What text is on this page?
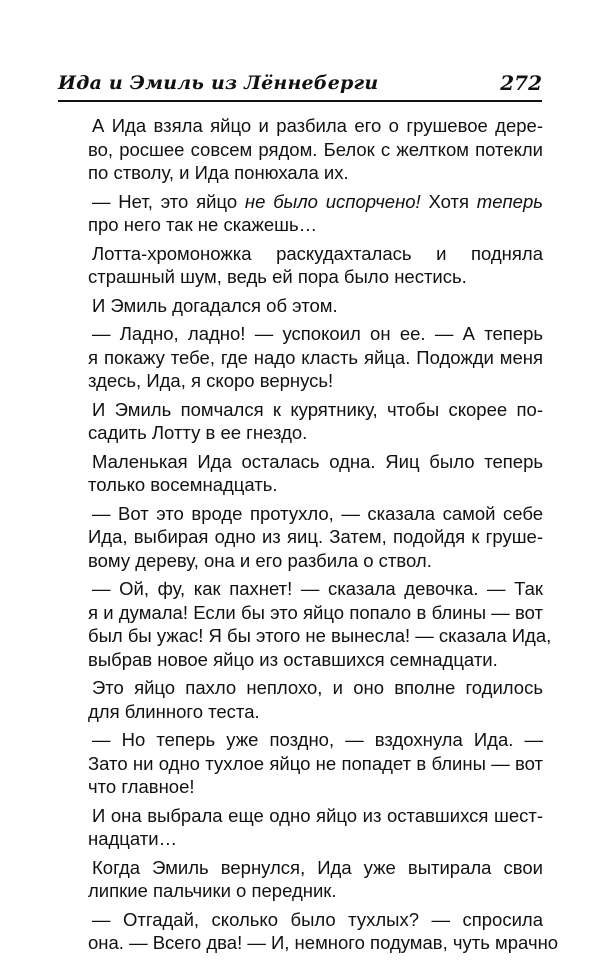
Ида и Эмиль из Лённеберги	272
А Ида взяла яйцо и разбила его о грушевое дере-
во, росшее совсем рядом. Белок с желтком потекли
по стволу, и Ида понюхала их.
— Нет, это яйцо не было испорчено! Хотя теперь
про него так не скажешь…
Лотта-хромоножка раскудахталась и подняла
страшный шум, ведь ей пора было нестись.
И Эмиль догадался об этом.
— Ладно, ладно! — успокоил он ее. — А теперь
я покажу тебе, где надо класть яйца. Подожди меня
здесь, Ида, я скоро вернусь!
И Эмиль помчался к курятнику, чтобы скорее по-
садить Лотту в ее гнездо.
Маленькая Ида осталась одна. Яиц было теперь
только восемнадцать.
— Вот это вроде протухло, — сказала самой себе
Ида, выбирая одно из яиц. Затем, подойдя к груше-
вому дереву, она и его разбила о ствол.
— Ой, фу, как пахнет! — сказала девочка. — Так
я и думала! Если бы это яйцо попало в блины — вот
был бы ужас! Я бы этого не вынесла! — сказала Ида,
выбрав новое яйцо из оставшихся семнадцати.
Это яйцо пахло неплохо, и оно вполне годилось
для блинного теста.
— Но теперь уже поздно, — вздохнула Ида. —
Зато ни одно тухлое яйцо не попадет в блины — вот
что главное!
И она выбрала еще одно яйцо из оставшихся шест-
надцати…
Когда Эмиль вернулся, Ида уже вытирала свои
липкие пальчики о передник.
— Отгадай, сколько было тухлых? — спросила
она. — Всего два! — И, немного подумав, чуть мрачно
